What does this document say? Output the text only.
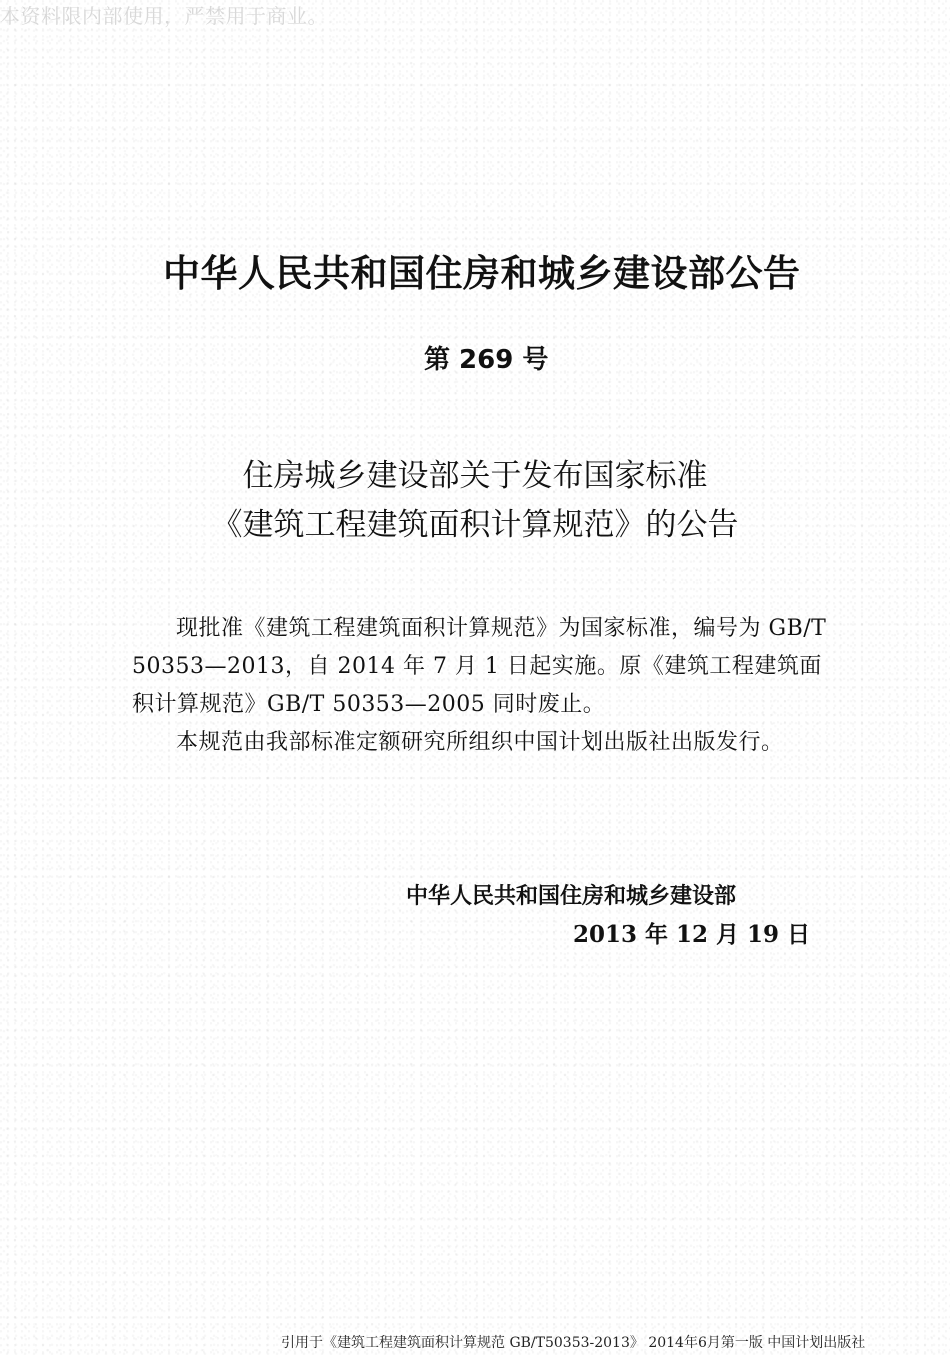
本资料限内部使用，严禁用于商业。
中华人民共和国住房和城乡建设部公告
第 269 号
住房城乡建设部关于发布国家标准
《建筑工程建筑面积计算规范》的公告

现批准《建筑工程建筑面积计算规范》为国家标准，编号为 GB/T 50353—2013，自 2014 年 7 月 1 日起实施。原《建筑工程建筑面积计算规范》GB/T 50353—2005 同时废止。

本规范由我部标准定额研究所组织中国计划出版社出版发行。

中华人民共和国住房和城乡建设部
2013 年 12 月 19 日
引用于《建筑工程建筑面积计算规范 GB/T50353-2013》 2014年6月第一版 中国计划出版社
